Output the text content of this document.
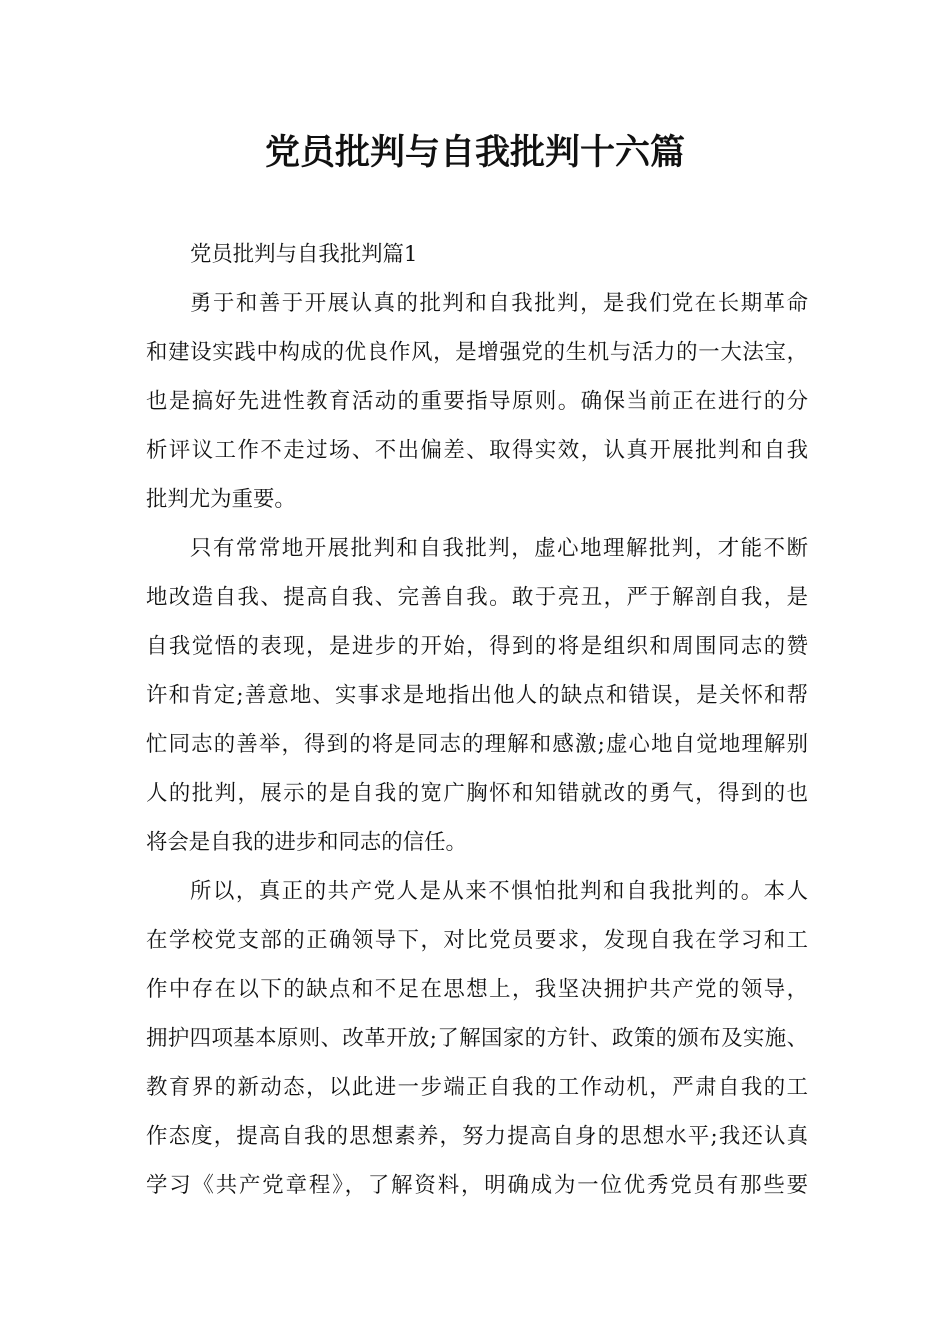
党员批判与自我批判十六篇
党员批判与自我批判篇1
勇于和善于开展认真的批判和自我批判，是我们党在长期革命
和建设实践中构成的优良作风，是增强党的生机与活力的一大法宝，
也是搞好先进性教育活动的重要指导原则。确保当前正在进行的分
析评议工作不走过场、不出偏差、取得实效，认真开展批判和自我
批判尤为重要。
只有常常地开展批判和自我批判，虚心地理解批判，才能不断
地改造自我、提高自我、完善自我。敢于亮丑，严于解剖自我，是
自我觉悟的表现，是进步的开始，得到的将是组织和周围同志的赞
许和肯定;善意地、实事求是地指出他人的缺点和错误，是关怀和帮
忙同志的善举，得到的将是同志的理解和感激;虚心地自觉地理解别
人的批判，展示的是自我的宽广胸怀和知错就改的勇气，得到的也
将会是自我的进步和同志的信任。
所以，真正的共产党人是从来不惧怕批判和自我批判的。本人
在学校党支部的正确领导下，对比党员要求，发现自我在学习和工
作中存在以下的缺点和不足在思想上，我坚决拥护共产党的领导，
拥护四项基本原则、改革开放;了解国家的方针、政策的颁布及实施、
教育界的新动态，以此进一步端正自我的工作动机，严肃自我的工
作态度，提高自我的思想素养，努力提高自身的思想水平;我还认真
学习《共产党章程》，了解资料，明确成为一位优秀党员有那些要
